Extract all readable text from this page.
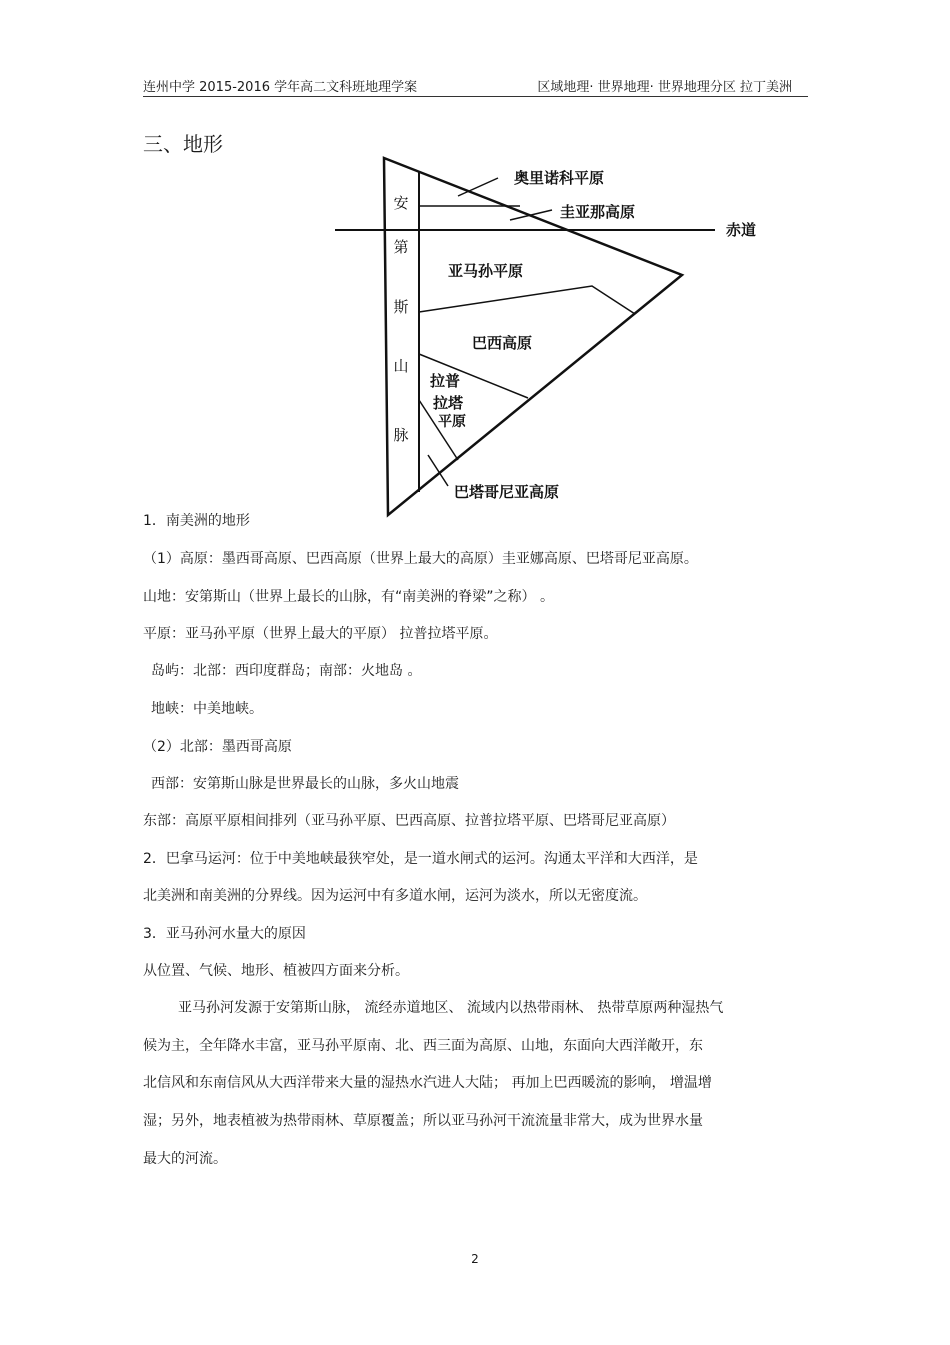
连州中学 2015-2016 学年高二文科班地理学案	区域地理· 世界地理· 世界地理分区 拉丁美洲
三、地形
安
第
斯
山
脉
奥里诺科平原
圭亚那高原
赤道
亚马孙平原
巴西高原
拉普
拉塔
平原
巴塔哥尼亚高原
1．南美洲的地形
（1）高原：墨西哥高原、巴西高原（世界上最大的高原）圭亚娜高原、巴塔哥尼亚高原。
山地：安第斯山（世界上最长的山脉，有“南美洲的脊梁”之称） 。
平原：亚马孙平原（世界上最大的平原） 拉普拉塔平原。
岛屿：北部：西印度群岛；南部：火地岛 。
地峡：中美地峡。
（2）北部：墨西哥高原
西部：安第斯山脉是世界最长的山脉，多火山地震
东部：高原平原相间排列（亚马孙平原、巴西高原、拉普拉塔平原、巴塔哥尼亚高原）
2．巴拿马运河：位于中美地峡最狭窄处，是一道水闸式的运河。沟通太平洋和大西洋，是
北美洲和南美洲的分界线。因为运河中有多道水闸，运河为淡水，所以无密度流。
3．亚马孙河水量大的原因
从位置、气候、地形、植被四方面来分析。
亚马孙河发源于安第斯山脉， 流经赤道地区、 流域内以热带雨林、 热带草原两种湿热气
候为主，全年降水丰富，亚马孙平原南、北、西三面为高原、山地，东面向大西洋敞开，东
北信风和东南信风从大西洋带来大量的湿热水汽进人大陆； 再加上巴西暖流的影响， 增温增
湿；另外，地表植被为热带雨林、草原覆盖；所以亚马孙河干流流量非常大，成为世界水量
最大的河流。
2
